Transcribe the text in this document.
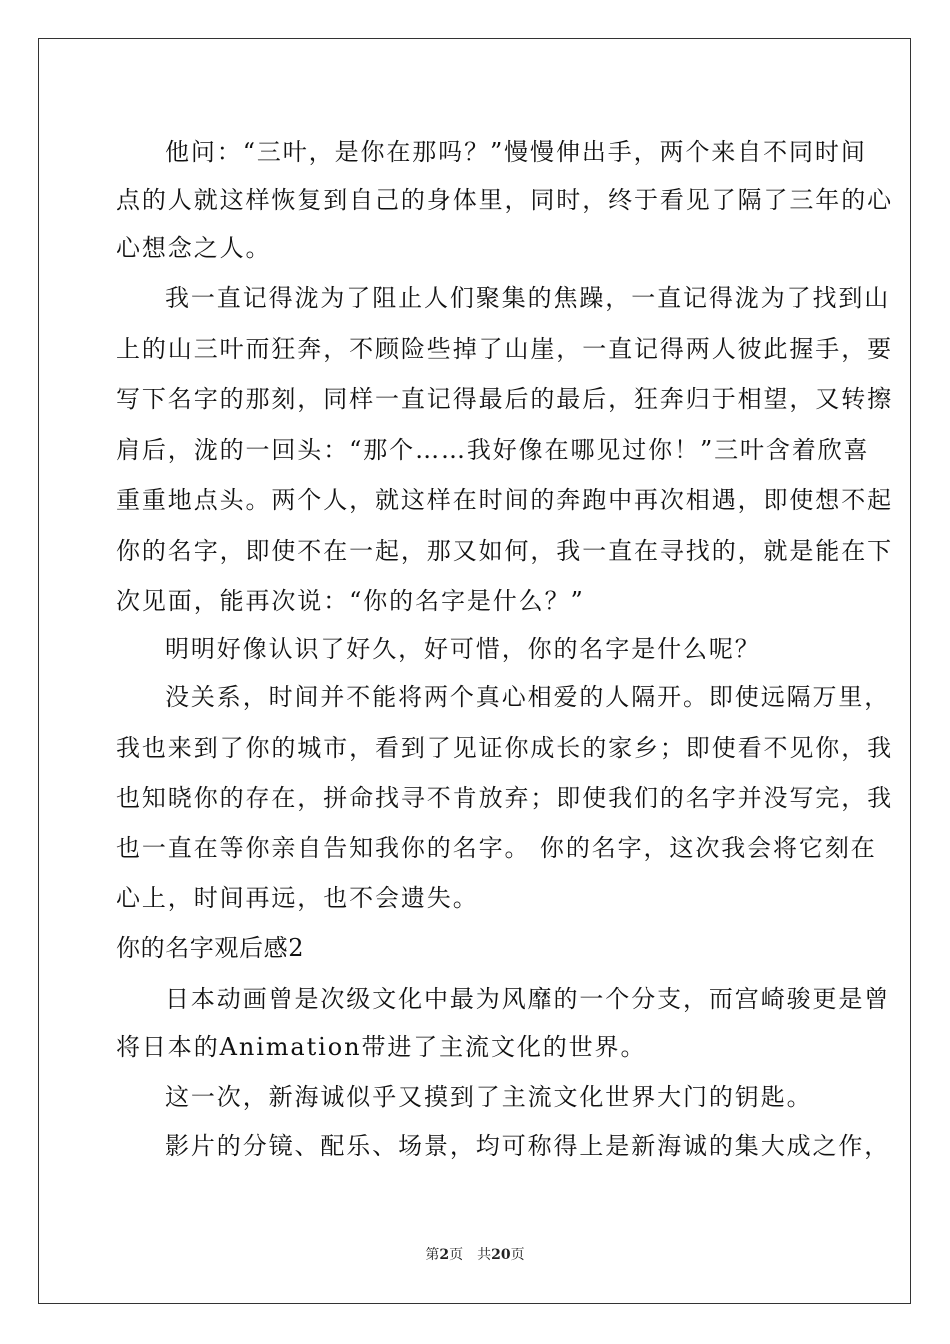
他问：“三叶，是你在那吗？”慢慢伸出手，两个来自不同时间
点的人就这样恢复到自己的身体里，同时，终于看见了隔了三年的心
心想念之人。
我一直记得泷为了阻止人们聚集的焦躁，一直记得泷为了找到山
上的山三叶而狂奔，不顾险些掉了山崖，一直记得两人彼此握手，要
写下名字的那刻，同样一直记得最后的最后，狂奔归于相望，又转擦
肩后，泷的一回头：“那个……我好像在哪见过你！”三叶含着欣喜
重重地点头。两个人，就这样在时间的奔跑中再次相遇，即使想不起
你的名字，即使不在一起，那又如何，我一直在寻找的，就是能在下
次见面，能再次说：“你的名字是什么？”
明明好像认识了好久，好可惜，你的名字是什么呢？
没关系，时间并不能将两个真心相爱的人隔开。即使远隔万里，
我也来到了你的城市，看到了见证你成长的家乡；即使看不见你，我
也知晓你的存在，拼命找寻不肯放弃；即使我们的名字并没写完，我
也一直在等你亲自告知我你的名字。 你的名字，这次我会将它刻在
心上，时间再远，也不会遗失。
你的名字观后感2
日本动画曾是次级文化中最为风靡的一个分支，而宫崎骏更是曾
将日本的Animation带进了主流文化的世界。
这一次，新海诚似乎又摸到了主流文化世界大门的钥匙。
影片的分镜、配乐、场景，均可称得上是新海诚的集大成之作，
第2页 共20页
